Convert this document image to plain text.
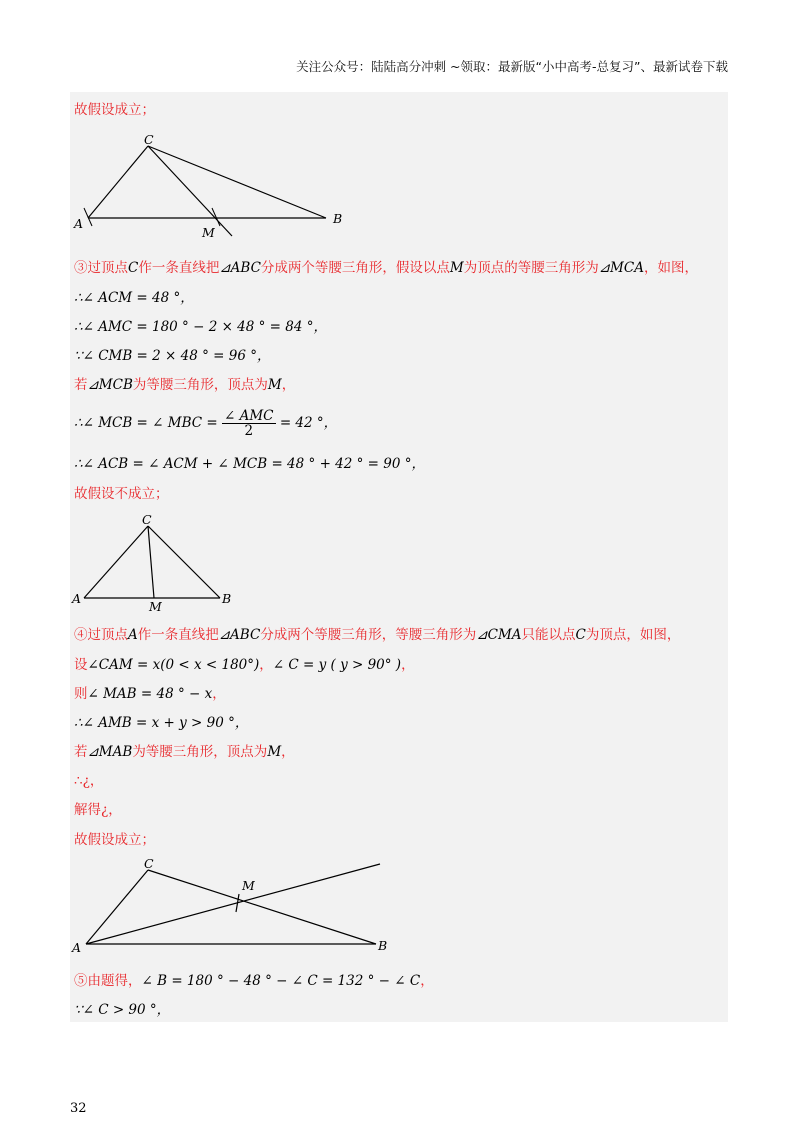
关注公众号：陆陆高分冲刺 ~领取：最新版“小中高考-总复习”、最新试卷下载
故假设成立；
A
C
B
M
③过顶点C作一条直线把⊿ABC分成两个等腰三角形，假设以点M为顶点的等腰三角形为⊿MCA，如图，
∴∠ ACM = 48 °，
∴∠ AMC = 180 ° − 2 × 48 ° = 84 °，
∵∠ CMB = 2 × 48 ° = 96 °，
若⊿MCB为等腰三角形，顶点为M，
∴∠ MCB = ∠ MBC = $\frac{\text{∠ AMC}}{2} = 42$ °，
∴∠ ACB = ∠ ACM + ∠ MCB = 48 ° + 42 ° = 90 °，
故假设不成立；
A
C
B
M
④过顶点A作一条直线把⊿ABC分成两个等腰三角形，等腰三角形为⊿CMA只能以点C为顶点，如图，
设∠CAM = x(0 < x < 180°)，∠ C = y ( y > 90° )，
则∠ MAB = 48 ° − x，
∴∠ AMB = x + y > 90 °，
若⊿MAB为等腰三角形，顶点为M，
∴¿，
解得¿，
故假设成立；
A
C
B
M
⑤由题得，∠ B = 180 ° − 48 ° − ∠ C = 132 ° − ∠ C，
∵∠ C > 90 °，
32
